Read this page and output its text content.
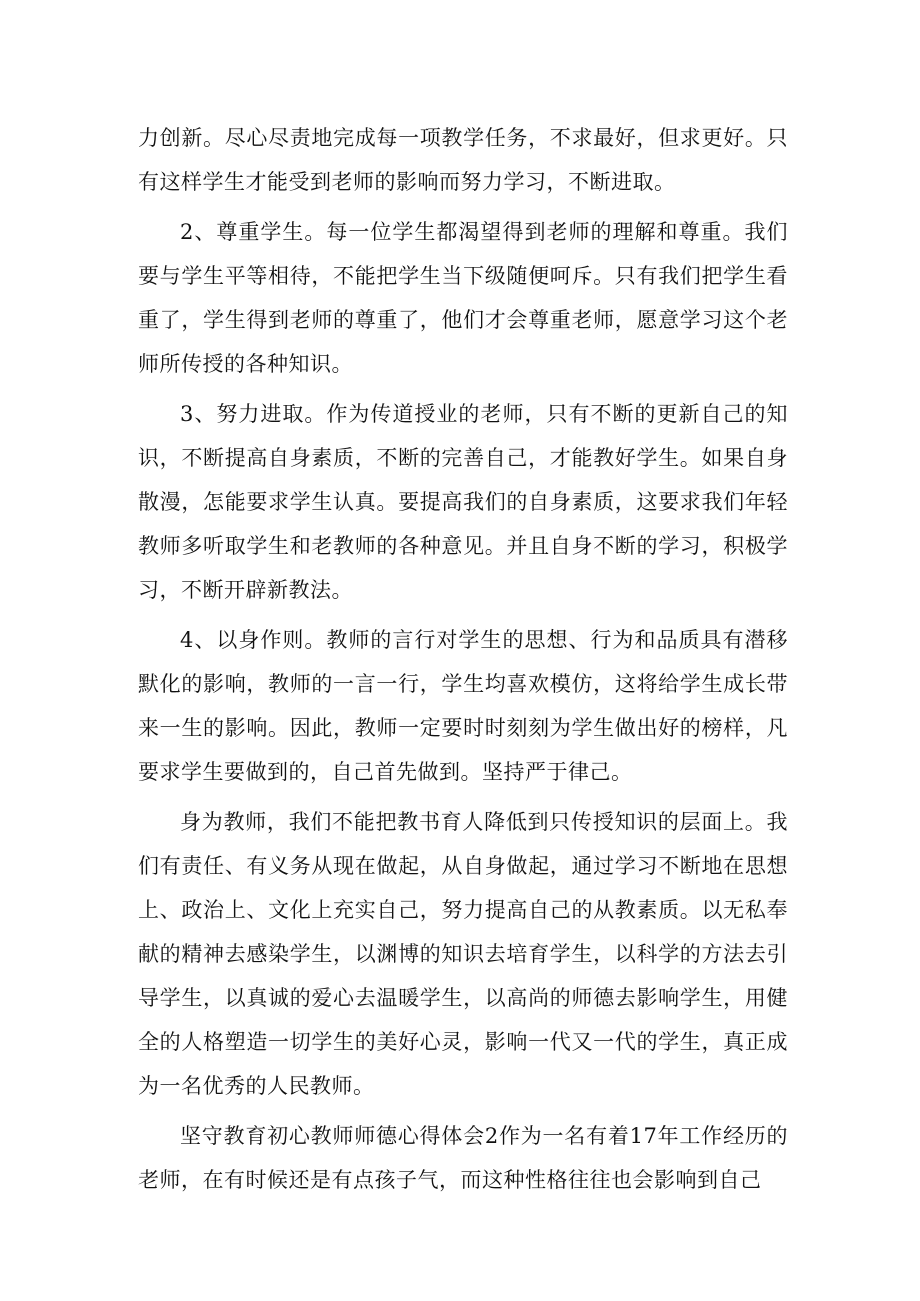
力创新。尽心尽责地完成每一项教学任务，不求最好，但求更好。只有这样学生才能受到老师的影响而努力学习，不断进取。

2、尊重学生。每一位学生都渴望得到老师的理解和尊重。我们要与学生平等相待，不能把学生当下级随便呵斥。只有我们把学生看重了，学生得到老师的尊重了，他们才会尊重老师，愿意学习这个老师所传授的各种知识。

3、努力进取。作为传道授业的老师，只有不断的更新自己的知识，不断提高自身素质，不断的完善自己，才能教好学生。如果自身散漫，怎能要求学生认真。要提高我们的自身素质，这要求我们年轻教师多听取学生和老教师的各种意见。并且自身不断的学习，积极学习，不断开辟新教法。

4、以身作则。教师的言行对学生的思想、行为和品质具有潜移默化的影响，教师的一言一行，学生均喜欢模仿，这将给学生成长带来一生的影响。因此，教师一定要时时刻刻为学生做出好的榜样，凡要求学生要做到的，自己首先做到。坚持严于律己。

身为教师，我们不能把教书育人降低到只传授知识的层面上。我们有责任、有义务从现在做起，从自身做起，通过学习不断地在思想上、政治上、文化上充实自己，努力提高自己的从教素质。以无私奉献的精神去感染学生，以渊博的知识去培育学生，以科学的方法去引导学生，以真诚的爱心去温暖学生，以高尚的师德去影响学生，用健全的人格塑造一切学生的美好心灵，影响一代又一代的学生，真正成为一名优秀的人民教师。

坚守教育初心教师师德心得体会2作为一名有着17年工作经历的老师，在有时候还是有点孩子气，而这种性格往往也会影响到自己
